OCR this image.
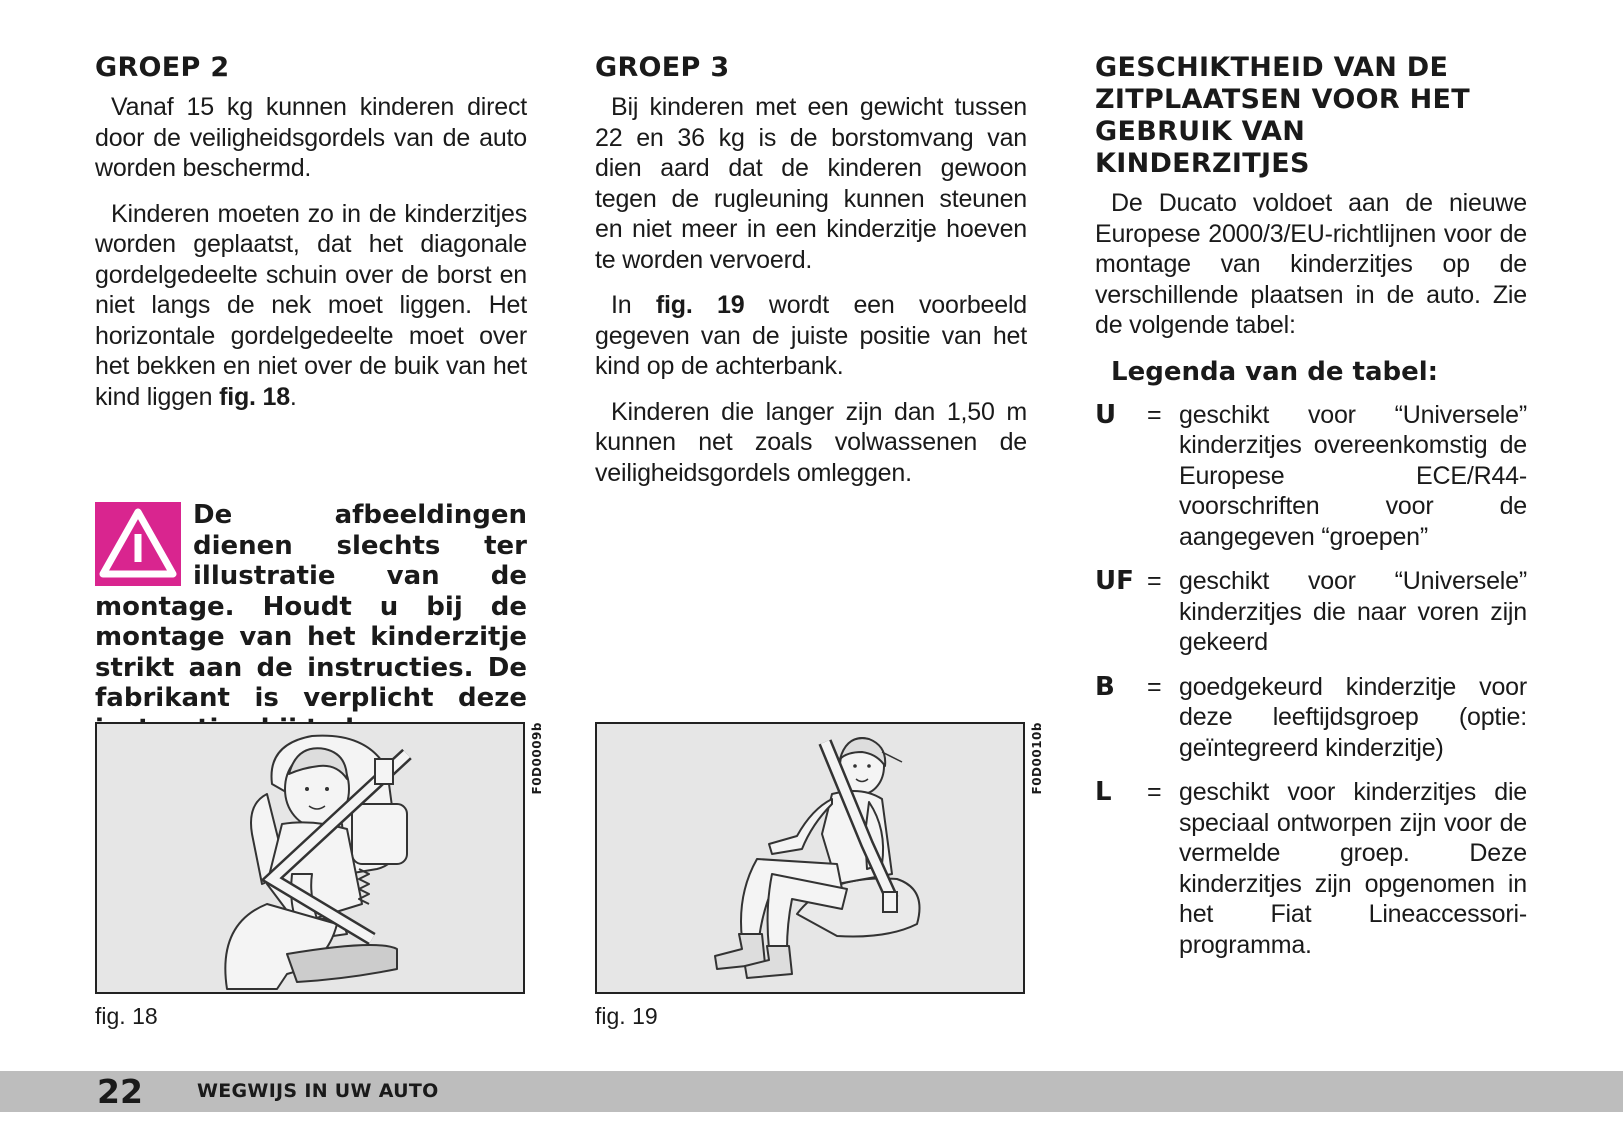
GROEP 2

Vanaf 15 kg kunnen kinderen direct door de veiligheidsgordels van de auto worden beschermd.

Kinderen moeten zo in de kinderzitjes worden geplaatst, dat het diagonale gordelgedeelte schuin over de borst en niet langs de nek moet liggen. Het horizontale gordelgedeelte moet over het bekken en niet over de buik van het kind liggen fig. 18.

De afbeeldingen dienen slechts ter illustratie van de montage. Houdt u bij de montage van het kinderzitje strikt aan de instructies. De fabrikant is verplicht deze
GROEP 3

Bij kinderen met een gewicht tussen 22 en 36 kg is de borstomvang van dien aard dat de kinderen gewoon tegen de rugleuning kunnen steunen en niet meer in een kinderzitje hoeven te worden vervoerd.

In fig. 19 wordt een voorbeeld gegeven van de juiste positie van het kind op de achterbank.

Kinderen die langer zijn dan 1,50 m kunnen net zoals volwassenen de veiligheidsgordels omleggen.

GESCHIKTHEID VAN DE ZITPLAATSEN VOOR HET GEBRUIK VAN KINDERZITJES

De Ducato voldoet aan de nieuwe Europese 2000/3/EU-richtlijnen voor de montage van kinderzitjes op de verschillende plaatsen in de auto. Zie de volgende tabel:

Legenda van de tabel:
U	= geschikt voor “Universele” kinderzitjes overeenkomstig de Europese ECE/R44-voorschriften voor de aangegeven “groepen”
UF = geschikt voor “Universele” kinderzitjes die naar voren zijn gekeerd
B	= goedgekeurd kinderzitje voor deze leeftijdsgroep (optie: geïntegreerd kinderzitje)
L	= geschikt voor kinderzitjes die speciaal ontworpen zijn voor de vermelde groep. Deze kinderzitjes zijn opgenomen in het Fiat Lineaccessori-programma.
F0D0009b
fig. 18
F0D0010b
fig. 19
22	WEGWIJS IN UW AUTO
